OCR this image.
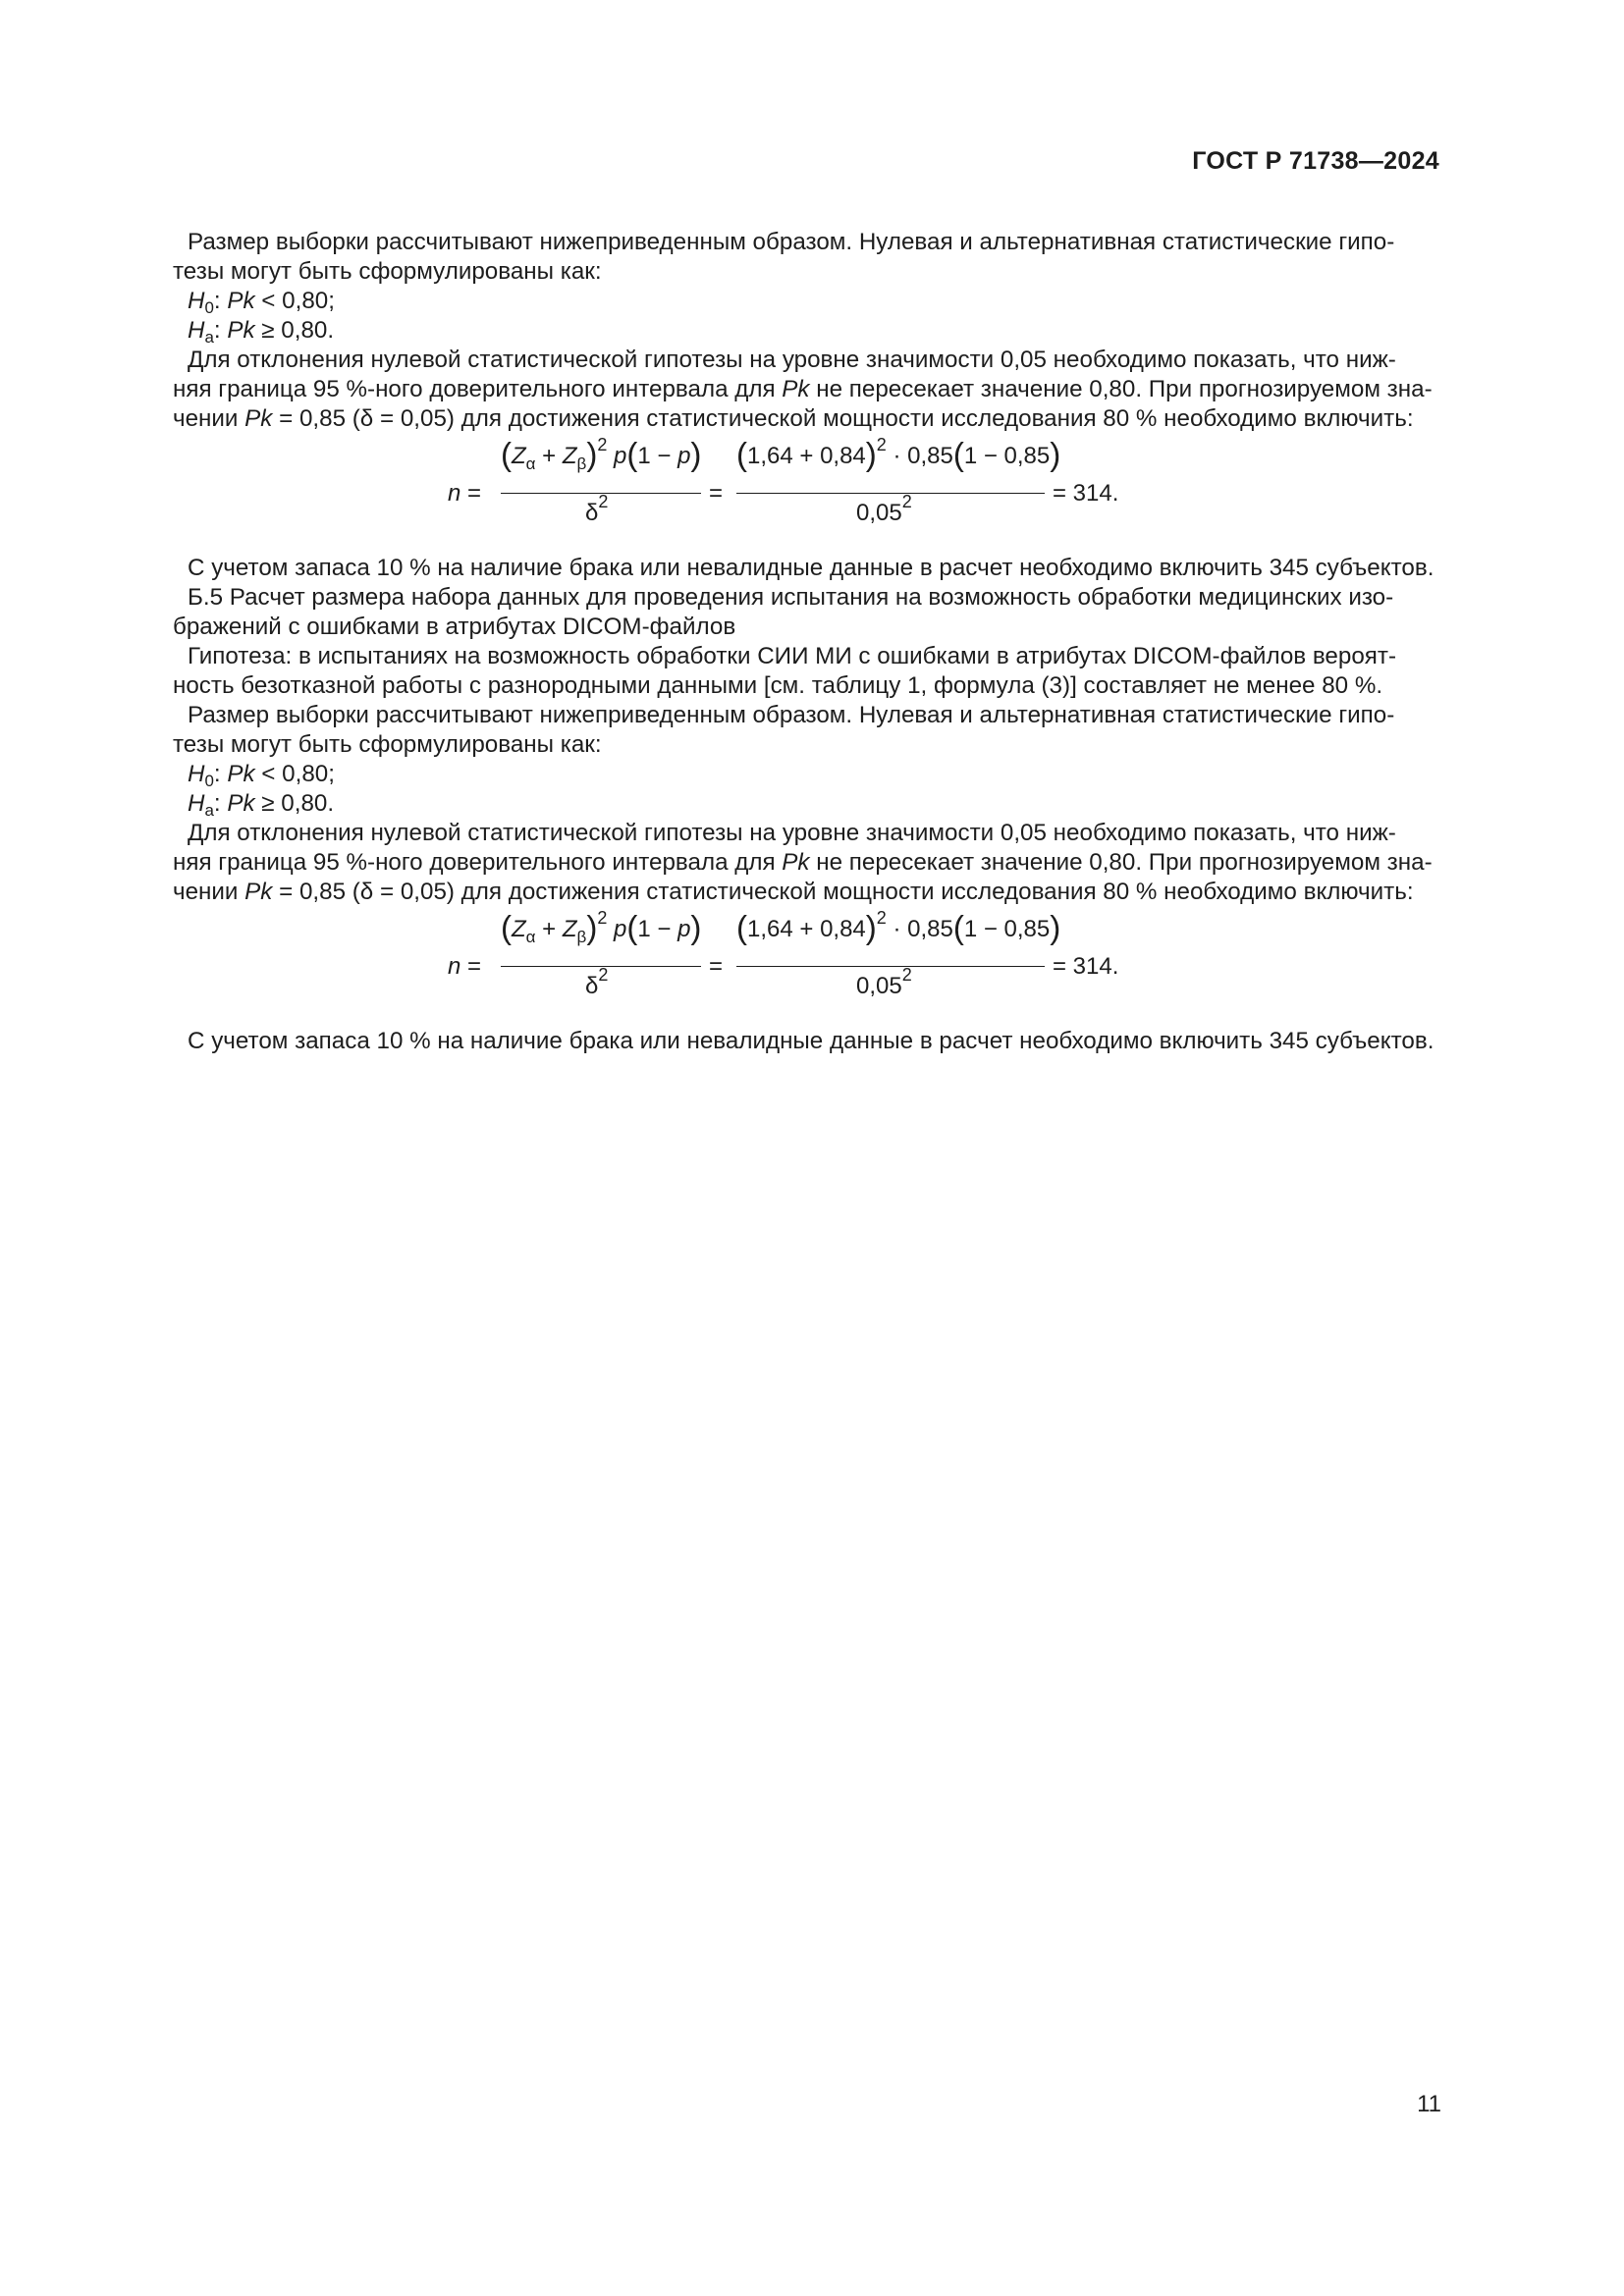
ГОСТ Р 71738—2024

Размер выборки рассчитывают нижеприведенным образом. Нулевая и альтернативная статистические гипо-

тезы могут быть сформулированы как:

$H_0$: Pk < 0,80;

$H_a$: Pk ≥ 0,80.

Для отклонения нулевой статистической гипотезы на уровне значимости 0,05 необходимо показать, что ниж-

няя граница 95 %-ного доверительного интервала для Pk не пересекает значение 0,80. При прогнозируемом зна-

чении Pk = 0,85 (δ = 0,05) для достижения статистической мощности исследования 80 % необходимо включить:

n =
$(Z_\alpha + Z_\beta)^2$ p(1 − p)
$\delta^2$	=
$(1,64 + 0,84)^2 \cdot 0,85(1 - 0,85)$
$0,05^2$	= 314.

С учетом запаса 10 % на наличие брака или невалидные данные в расчет необходимо включить 345 субъектов.

Б.5 Расчет размера набора данных для проведения испытания на возможность обработки медицинских изо-

бражений с ошибками в атрибутах DICOM-файлов

Гипотеза: в испытаниях на возможность обработки СИИ МИ с ошибками в атрибутах DICOM-файлов вероят-

ность безотказной работы с разнородными данными [см. таблицу 1, формула (3)] составляет не менее 80 %.

Размер выборки рассчитывают нижеприведенным образом. Нулевая и альтернативная статистические гипо-

тезы могут быть сформулированы как:

$H_0$: Pk < 0,80;

$H_a$: Pk ≥ 0,80.

Для отклонения нулевой статистической гипотезы на уровне значимости 0,05 необходимо показать, что ниж-

няя граница 95 %-ного доверительного интервала для Pk не пересекает значение 0,80. При прогнозируемом зна-

чении Pk = 0,85 (δ = 0,05) для достижения статистической мощности исследования 80 % необходимо включить:

n =
$(Z_\alpha + Z_\beta)^2$ p(1 − p)
$\delta^2$	=
$(1,64 + 0,84)^2 \cdot 0,85(1 - 0,85)$
$0,05^2$	= 314.

С учетом запаса 10 % на наличие брака или невалидные данные в расчет необходимо включить 345 субъектов.

11
